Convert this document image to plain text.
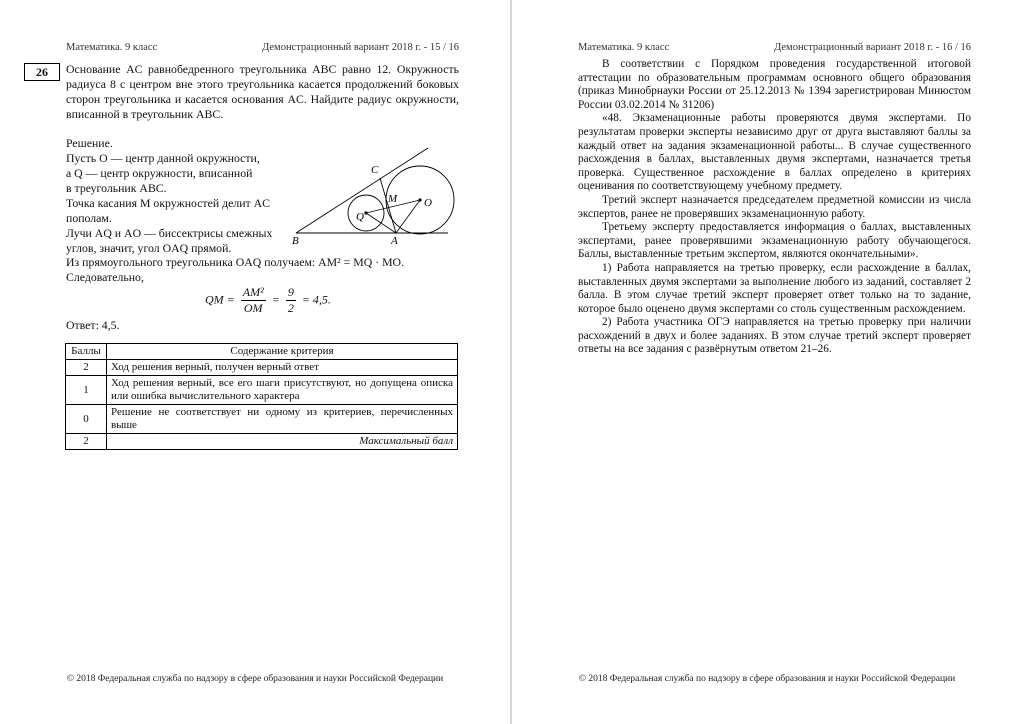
Математика. 9 класс	Демонстрационный вариант 2018 г. - 15 / 16
26	Основание AC равнобедренного треугольника ABC равно 12. Окружность радиуса 8 с центром вне этого треугольника касается продолжений боковых сторон треугольника и касается основания AC. Найдите радиус окружности, вписанной в треугольник ABC.
Решение.
Пусть O — центр данной окружности,
а Q — центр окружности, вписанной
в треугольник ABC.
Точка касания M окружностей делит AC
пополам.
Лучи AQ и AO — биссектрисы смежных
углов, значит, угол OAQ прямой.
C
M O
Q
B	A
Из прямоугольного треугольника OAQ получаем: AM² = MQ · MO.
Следовательно,
QM = $\frac{\text{AM²}}{OM} = \frac{9}{2} = 4,5$.
Ответ: 4,5.
Баллы	Содержание критерия
2	Ход решения верный, получен верный ответ
1	Ход решения верный, все его шаги присутствуют, но допущена описка или ошибка вычислительного характера
0	Решение не соответствует ни одному из критериев, перечисленных выше
2	Максимальный балл
© 2018 Федеральная служба по надзору в сфере образования и науки Российской Федерации
Математика. 9 класс	Демонстрационный вариант 2018 г. - 16 / 16

В соответствии с Порядком проведения государственной итоговой аттестации по образовательным программам основного общего образования (приказ Минобрнауки России от 25.12.2013 № 1394 зарегистрирован Минюстом России 03.02.2014 № 31206)

«48. Экзаменационные работы проверяются двумя экспертами. По результатам проверки эксперты независимо друг от друга выставляют баллы за каждый ответ на задания экзаменационной работы... В случае существенного расхождения в баллах, выставленных двумя экспертами, назначается третья проверка. Существенное расхождение в баллах определено в критериях оценивания по соответствующему учебному предмету.

Третий эксперт назначается председателем предметной комиссии из числа экспертов, ранее не проверявших экзаменационную работу.

Третьему эксперту предоставляется информация о баллах, выставленных экспертами, ранее проверявшими экзаменационную работу обучающегося. Баллы, выставленные третьим экспертом, являются окончательными».

1) Работа направляется на третью проверку, если расхождение в баллах, выставленных двумя экспертами за выполнение любого из заданий, составляет 2 балла. В этом случае третий эксперт проверяет ответ только на то задание, которое было оценено двумя экспертами со столь существенным расхождением.

2) Работа участника ОГЭ направляется на третью проверку при наличии расхождений в двух и более заданиях. В этом случае третий эксперт проверяет ответы на все задания с развёрнутым ответом 21–26.

© 2018 Федеральная служба по надзору в сфере образования и науки Российской Федерации
